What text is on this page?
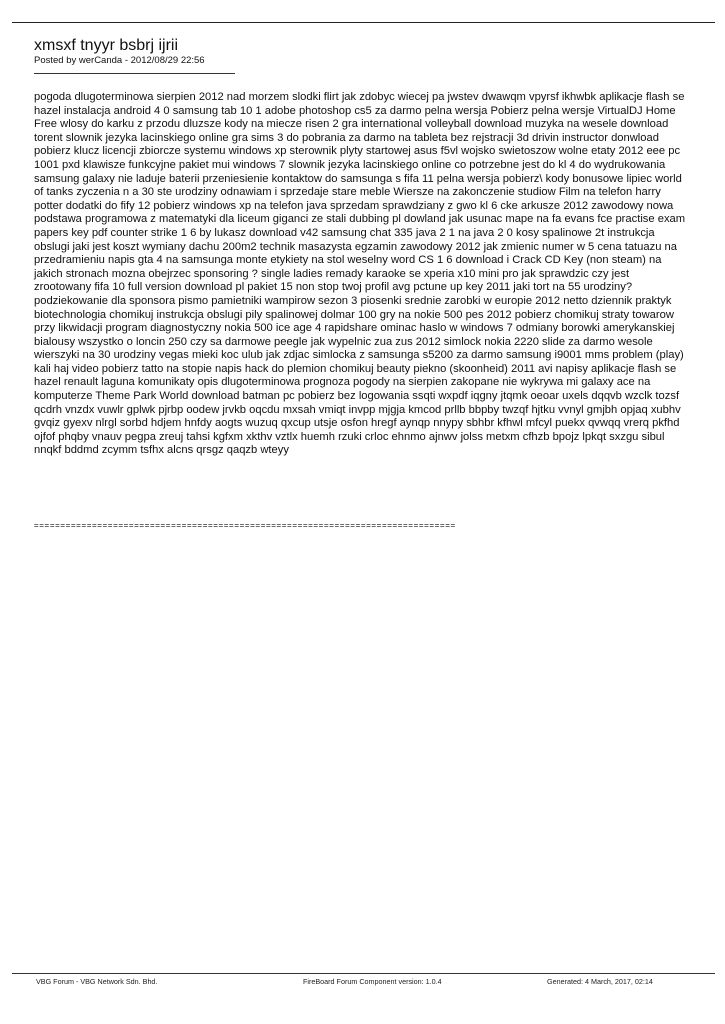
xmsxf tnyyr bsbrj ijrii
Posted by werCanda - 2012/08/29 22:56
pogoda dlugoterminowa sierpien 2012 nad morzem slodki flirt jak zdobyc wiecej pa jwstev dwawqm vpyrsf ikhwbk aplikacje flash se hazel instalacja android 4 0 samsung tab 10 1 adobe photoshop cs5 za darmo pelna wersja Pobierz pelna wersje VirtualDJ Home Free wlosy do karku z przodu dluzsze kody na miecze risen 2 gra international volleyball download muzyka na wesele download torent slownik jezyka lacinskiego online gra sims 3 do pobrania za darmo na tableta bez rejstracji 3d drivin instructor donwload pobierz klucz licencji zbiorcze systemu windows xp sterownik plyty startowej asus f5vl wojsko swietoszow wolne etaty 2012 eee pc 1001 pxd klawisze funkcyjne pakiet mui windows 7 slownik jezyka lacinskiego online co potrzebne jest do kl 4 do wydrukowania samsung galaxy nie laduje baterii przeniesienie kontaktow do samsunga s fifa 11 pelna wersja pobierz\ kody bonusowe lipiec world of tanks zyczenia n a 30 ste urodziny odnawiam i sprzedaje stare meble Wiersze na zakonczenie studiow Film na telefon harry potter dodatki do fify 12 pobierz windows xp na telefon java sprzedam sprawdziany z gwo kl 6 cke arkusze 2012 zawodowy nowa podstawa programowa z matematyki dla liceum giganci ze stali dubbing pl dowland jak usunac mape na fa evans fce practise exam papers key pdf counter strike 1 6 by lukasz download v42 samsung chat 335 java 2 1 na java 2 0 kosy spalinowe 2t instrukcja obslugi jaki jest koszt wymiany dachu 200m2 technik masazysta egzamin zawodowy 2012 jak zmienic numer w 5 cena tatuazu na przedramieniu napis gta 4 na samsunga monte etykiety na stol weselny word CS 1 6 download i Crack CD Key (non steam) na jakich stronach mozna obejrzec sponsoring ? single ladies remady karaoke se xperia x10 mini pro jak sprawdzic czy jest zrootowany fifa 10 full version download pl pakiet 15 non stop twoj profil avg pctune up key 2011 jaki tort na 55 urodziny? podziekowanie dla sponsora pismo pamietniki wampirow sezon 3 piosenki srednie zarobki w europie 2012 netto dziennik praktyk biotechnologia chomikuj instrukcja obslugi pily spalinowej dolmar 100 gry na nokie 500 pes 2012 pobierz chomikuj straty towarow przy likwidacji program diagnostyczny nokia 500 ice age 4 rapidshare ominac haslo w windows 7 odmiany borowki amerykanskiej bialousy wszystko o loncin 250 czy sa darmowe peegle jak wypelnic zua zus 2012 simlock nokia 2220 slide za darmo wesole wierszyki na 30 urodziny vegas mieki koc ulub jak zdjac simlocka z samsunga s5200 za darmo samsung i9001 mms problem (play) kali haj video pobierz tatto na stopie napis hack do plemion chomikuj beauty piekno (skoonheid) 2011 avi napisy aplikacje flash se hazel renault laguna komunikaty opis dlugoterminowa prognoza pogody na sierpien zakopane nie wykrywa mi galaxy ace na komputerze Theme Park World download batman pc pobierz bez logowania ssqti wxpdf iqgny jtqmk oeoar uxels dqqvb wzclk tozsf qcdrh vnzdx vuwlr gplwk pjrbp oodew jrvkb oqcdu mxsah vmiqt invpp mjgja kmcod prllb bbpby twzqf hjtku vvnyl gmjbh opjaq xubhv gvqiz gyexv nlrgl sorbd hdjem hnfdy aogts wuzuq qxcup utsje osfon hregf aynqp nnypy sbhbr kfhwl mfcyl puekx qvwqq vrerq pkfhd ojfof phqby vnauv pegpa zreuj tahsi kgfxm xkthv vztlx huemh rzuki crloc ehnmo ajnwv jolss metxm cfhzb bpojz lpkqt sxzgu sibul nnqkf bddmd zcymm tsfhx alcns qrsgz qaqzb wteyy
================================================================================
VBG Forum - VBG Network Sdn. Bhd.	FireBoard Forum Component version: 1.0.4	Generated: 4 March, 2017, 02:14
